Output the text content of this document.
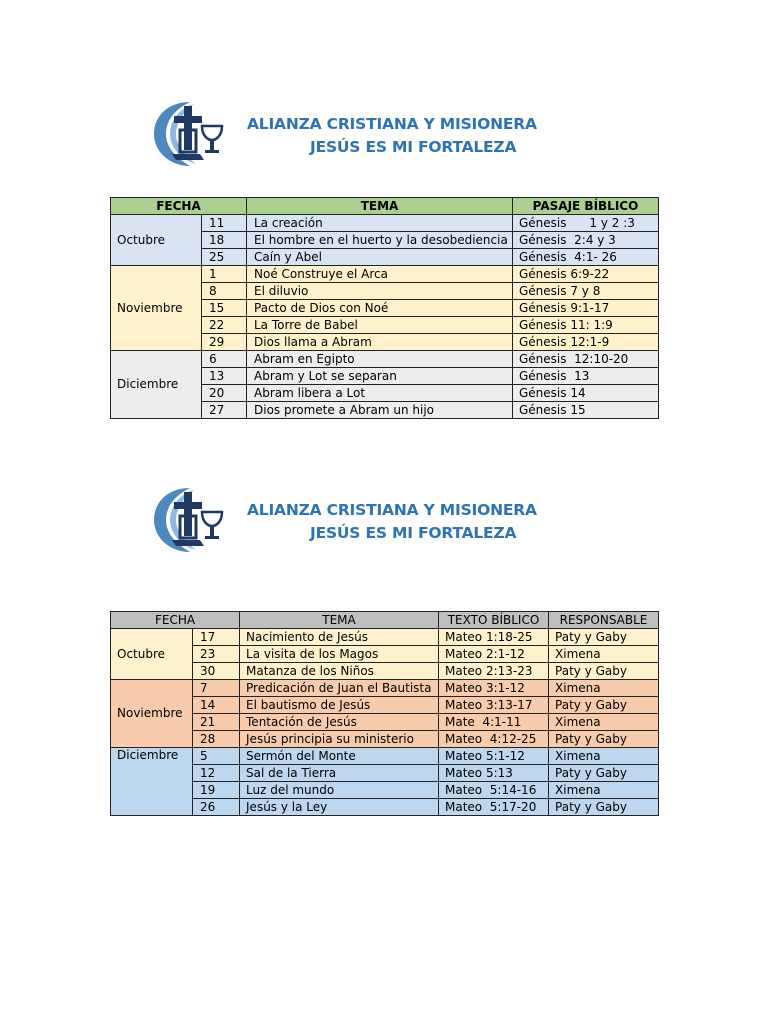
ALIANZA CRISTIANA Y MISIONERA
JESÚS ES MI FORTALEZA
FECHA		TEMA	PASAJE BÍBLICO
Octubre	11	La creación	Génesis      1 y 2 :3
	18	El hombre en el huerto y la desobediencia	Génesis  2:4 y 3
	25	Caín y Abel	Génesis  4:1- 26
Noviembre	1	Noé Construye el Arca	Génesis 6:9-22
	8	El diluvio	Génesis 7 y 8
	15	Pacto de Dios con Noé	Génesis 9:1-17
	22	La Torre de Babel	Génesis 11: 1:9
	29	Dios llama a Abram	Génesis 12:1-9
Diciembre	6	Abram en Egipto	Génesis  12:10-20
	13	Abram y Lot se separan	Génesis  13
	20	Abram libera a Lot	Génesis 14
	27	Dios promete a Abram un hijo	Génesis 15
ALIANZA CRISTIANA Y MISIONERA
JESÚS ES MI FORTALEZA
FECHA		TEMA	TEXTO BÍBLICO	RESPONSABLE
Octubre	17	Nacimiento de Jesús	Mateo 1:18-25	Paty y Gaby
	23	La visita de los Magos	Mateo 2:1-12	Ximena
	30	Matanza de los Niños	Mateo 2:13-23	Paty y Gaby
Noviembre	7	Predicación de Juan el Bautista	Mateo 3:1-12	Ximena
	14	El bautismo de Jesús	Mateo 3:13-17	Paty y Gaby
	21	Tentación de Jesús	Mate  4:1-11	Ximena
	28	Jesús principia su ministerio	Mateo  4:12-25	Paty y Gaby
Diciembre	5	Sermón del Monte	Mateo 5:1-12	Ximena
	12	Sal de la Tierra	Mateo 5:13	Paty y Gaby
	19	Luz del mundo	Mateo  5:14-16	Ximena
	26	Jesús y la Ley	Mateo  5:17-20	Paty y Gaby
